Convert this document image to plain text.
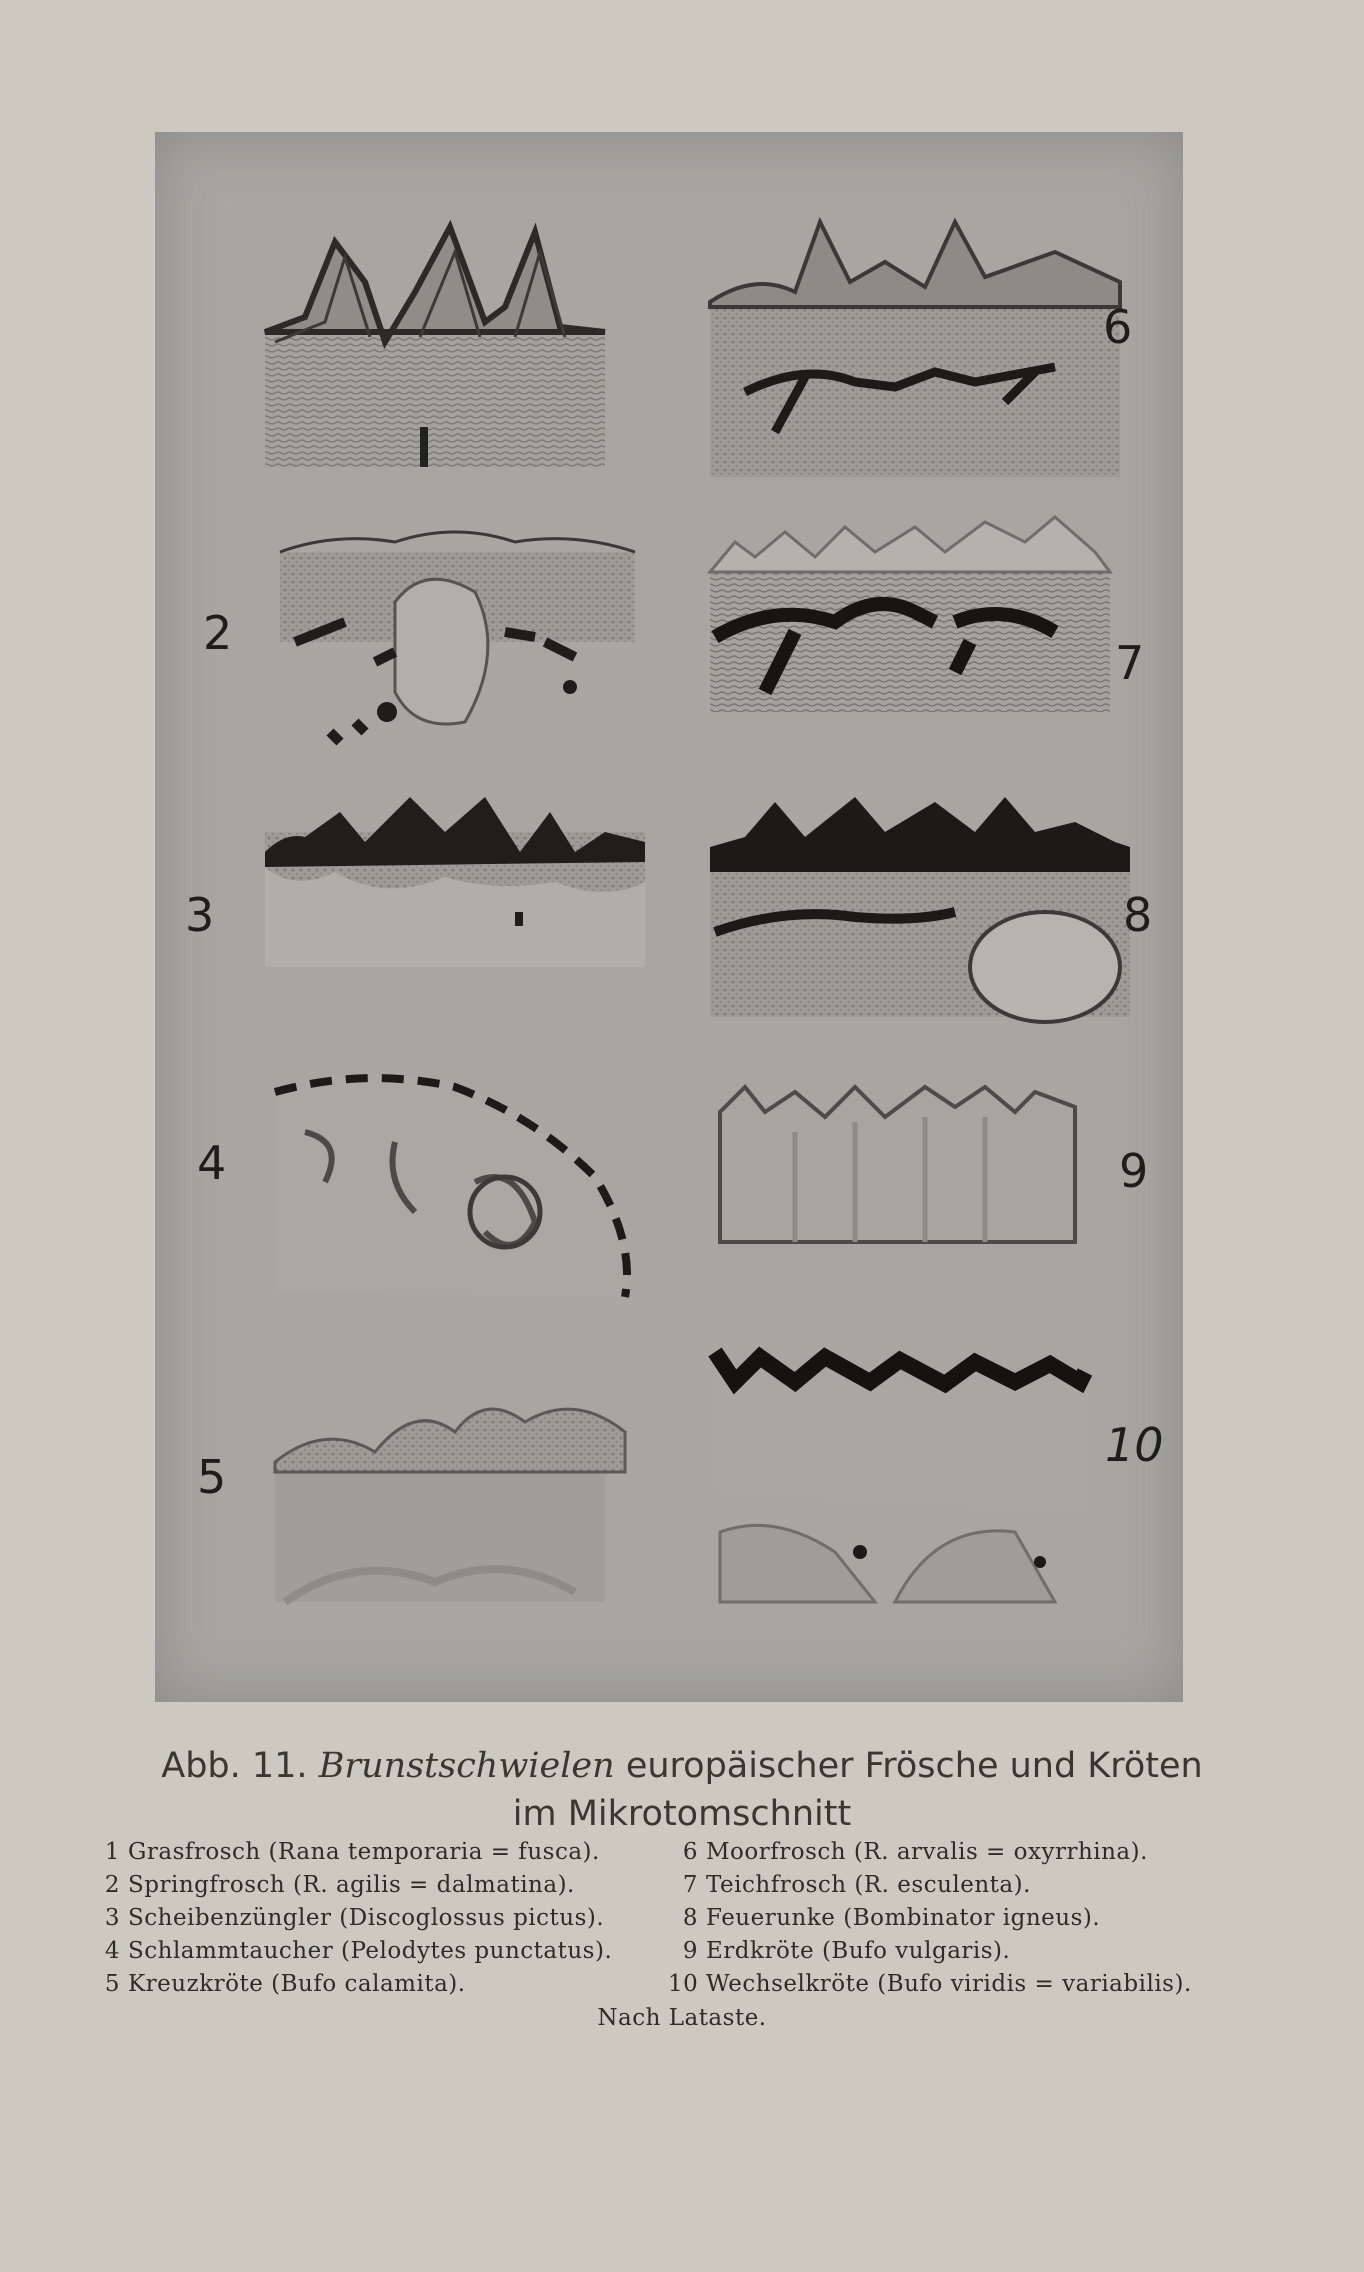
2
3
4
5
6
7
8
9
10
Abb. 11. Brunstschwielen europäischer Frösche und Kröten
im Mikrotomschnitt
1 Grasfrosch (Rana temporaria = fusca).
2 Springfrosch (R. agilis = dalmatina).
3 Scheibenzüngler (Discoglossus pictus).
4 Schlammtaucher (Pelodytes punctatus).
5 Kreuzkröte (Bufo calamita).
6 Moorfrosch (R. arvalis = oxyrrhina).
7 Teichfrosch (R. esculenta).
8 Feuerunke (Bombinator igneus).
9 Erdkröte (Bufo vulgaris).
10 Wechselkröte (Bufo viridis = variabilis).
Nach Lataste.
